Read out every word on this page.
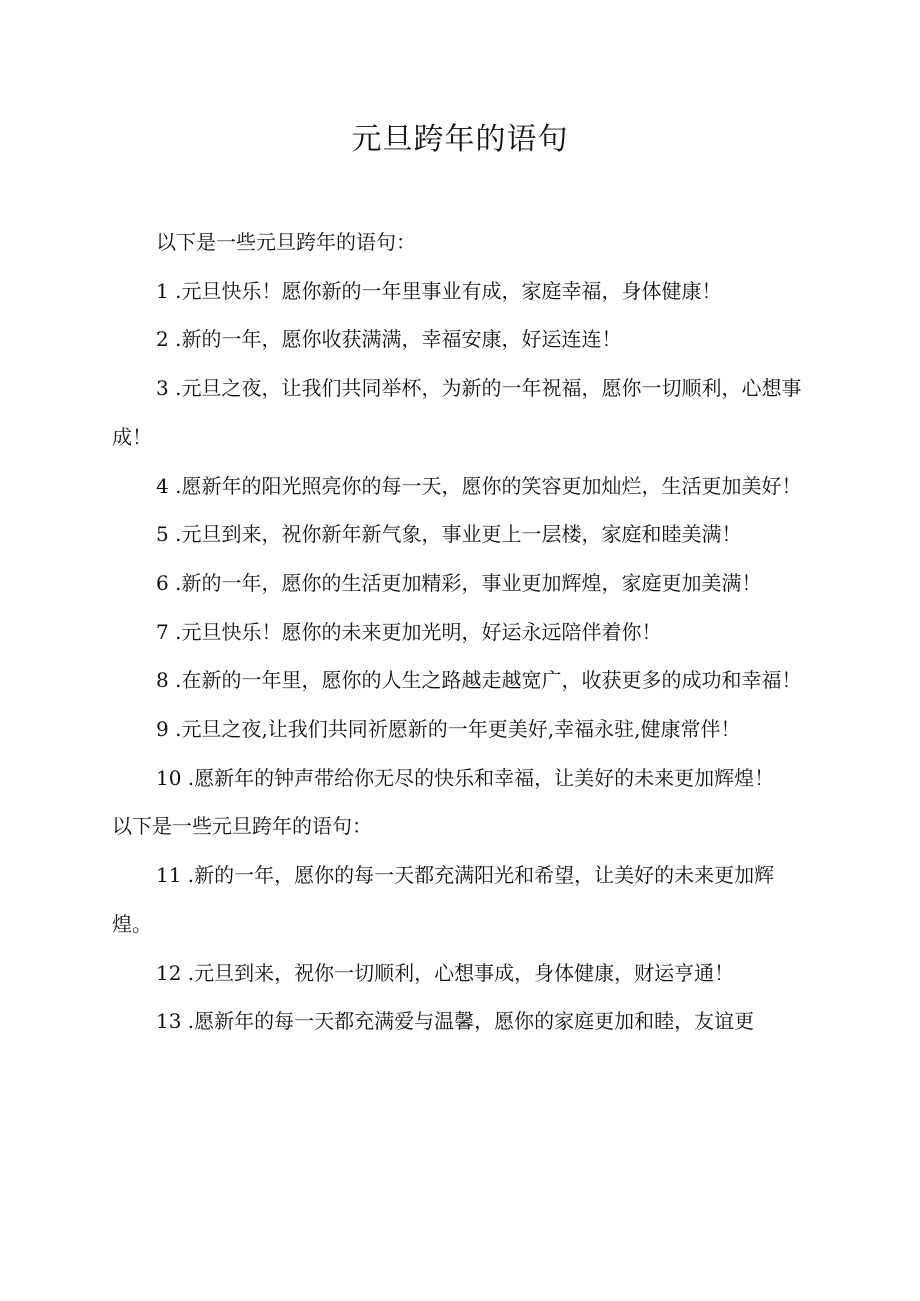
元旦跨年的语句

以下是一些元旦跨年的语句：

1 .元旦快乐！愿你新的一年里事业有成，家庭幸福，身体健康！

2 .新的一年，愿你收获满满，幸福安康，好运连连！

3 .元旦之夜，让我们共同举杯，为新的一年祝福，愿你一切顺利，心想事成！

4 .愿新年的阳光照亮你的每一天，愿你的笑容更加灿烂，生活更加美好！

5 .元旦到来，祝你新年新气象，事业更上一层楼，家庭和睦美满！

6 .新的一年，愿你的生活更加精彩，事业更加辉煌，家庭更加美满！

7 .元旦快乐！愿你的未来更加光明，好运永远陪伴着你！

8 .在新的一年里，愿你的人生之路越走越宽广，收获更多的成功和幸福！

9 .元旦之夜,让我们共同祈愿新的一年更美好,幸福永驻,健康常伴！

10 .愿新年的钟声带给你无尽的快乐和幸福，让美好的未来更加辉煌！

以下是一些元旦跨年的语句：

11 .新的一年，愿你的每一天都充满阳光和希望，让美好的未来更加辉煌。

12 .元旦到来，祝你一切顺利，心想事成，身体健康，财运亨通！

13 .愿新年的每一天都充满爱与温馨，愿你的家庭更加和睦，友谊更
